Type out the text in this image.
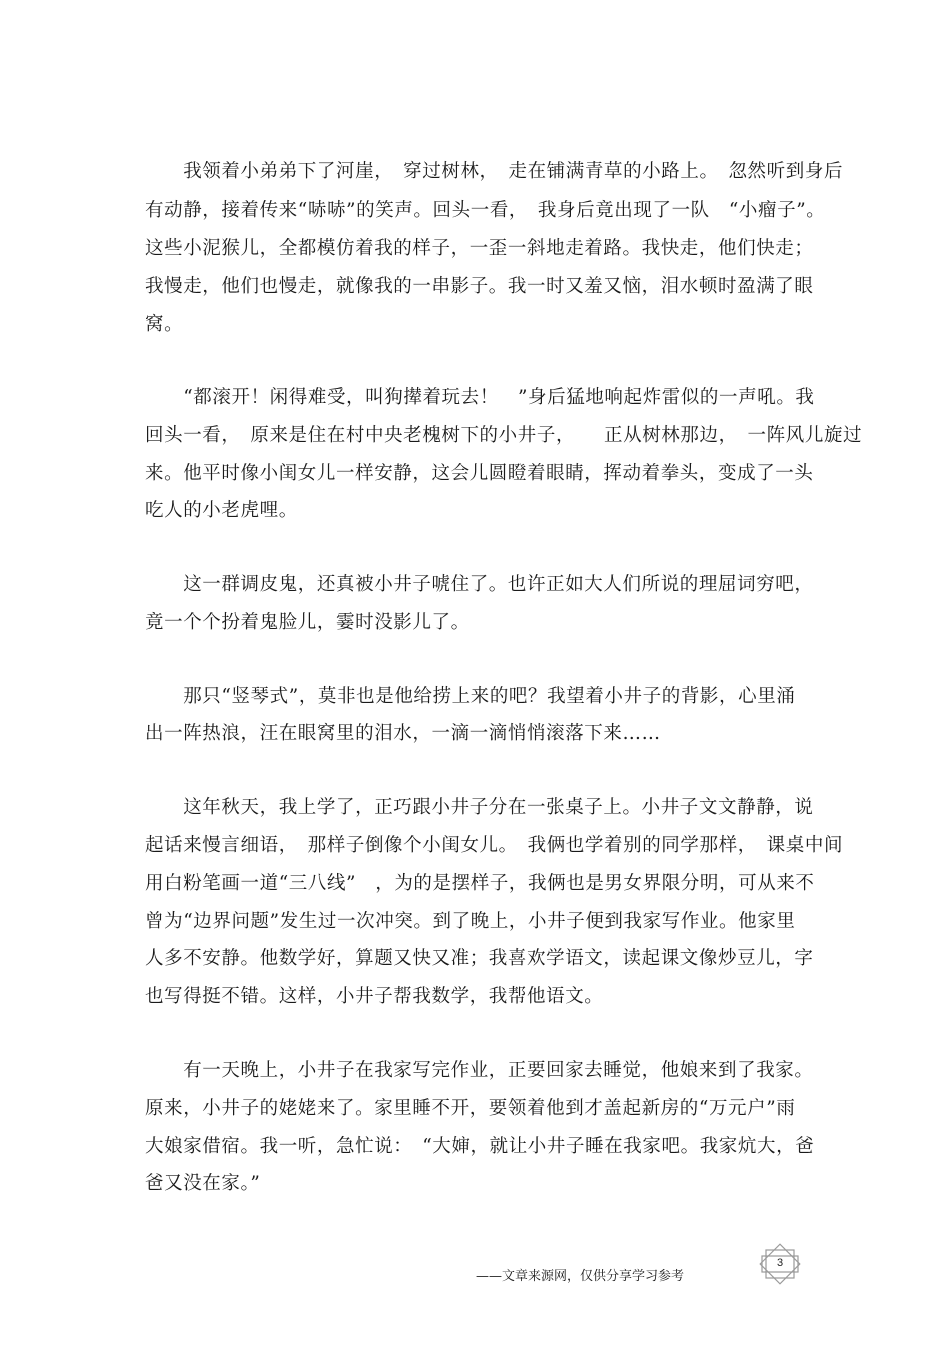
　　我领着小弟弟下了河崖，　穿过树林，　走在铺满青草的小路上。　忽然听到身后
有动静，接着传来“哧哧”的笑声。回头一看，　我身后竟出现了一队　“小瘤子”。
这些小泥猴儿，全都模仿着我的样子，一歪一斜地走着路。我快走，他们快走；
我慢走，他们也慢走，就像我的一串影子。我一时又羞又恼，泪水顿时盈满了眼
窝。
　　“都滚开！闲得难受，叫狗撵着玩去！　”身后猛地响起炸雷似的一声吼。我
回头一看，　原来是住在村中央老槐树下的小井子，　　正从树林那边，　一阵风儿旋过
来。他平时像小闺女儿一样安静，这会儿圆瞪着眼睛，挥动着拳头，变成了一头
吃人的小老虎哩。
　　这一群调皮鬼，还真被小井子唬住了。也许正如大人们所说的理屈词穷吧，
竟一个个扮着鬼脸儿，霎时没影儿了。
　　那只“竖琴式”，莫非也是他给捞上来的吧？我望着小井子的背影，心里涌
出一阵热浪，汪在眼窝里的泪水，一滴一滴悄悄滚落下来……
　　这年秋天，我上学了，正巧跟小井子分在一张桌子上。小井子文文静静，说
起话来慢言细语，　那样子倒像个小闺女儿。　我俩也学着别的同学那样，　课桌中间
用白粉笔画一道“三八线”　，为的是摆样子，我俩也是男女界限分明，可从来不
曾为“边界问题”发生过一次冲突。到了晚上，小井子便到我家写作业。他家里
人多不安静。他数学好，算题又快又准；我喜欢学语文，读起课文像炒豆儿，字
也写得挺不错。这样，小井子帮我数学，我帮他语文。
　　有一天晚上，小井子在我家写完作业，正要回家去睡觉，他娘来到了我家。
原来，小井子的姥姥来了。家里睡不开，要领着他到才盖起新房的“万元户”雨
大娘家借宿。我一听，急忙说：　“大婶，就让小井子睡在我家吧。我家炕大，爸
爸又没在家。”
——文章来源网，仅供分享学习参考
3
